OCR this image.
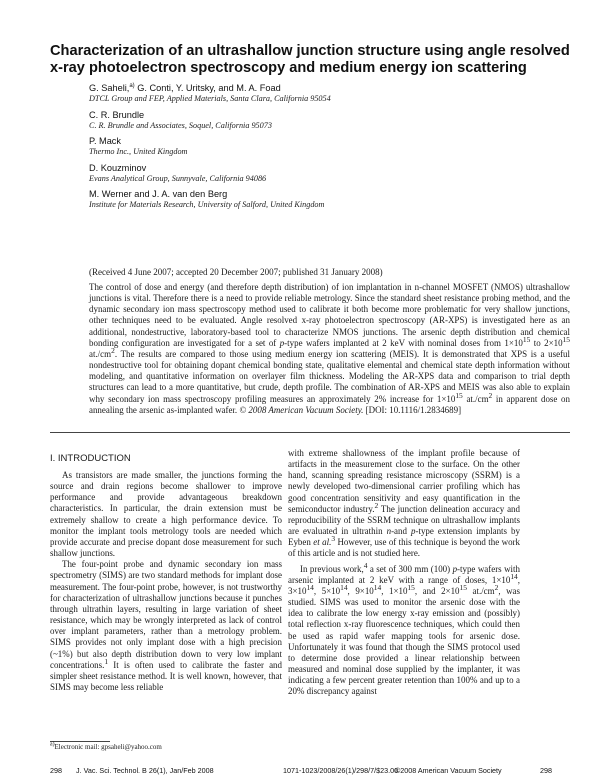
Characterization of an ultrashallow junction structure using angle resolved x-ray photoelectron spectroscopy and medium energy ion scattering
G. Saheli,$^{a)}$ G. Conti, Y. Uritsky, and M. A. Foad
DTCL Group and FEP, Applied Materials, Santa Clara, California 95054
C. R. Brundle
C. R. Brundle and Associates, Soquel, California 95073
P. Mack
Thermo Inc., United Kingdom
D. Kouzminov
Evans Analytical Group, Sunnyvale, California 94086
M. Werner and J. A. van den Berg
Institute for Materials Research, University of Salford, United Kingdom
(Received 4 June 2007; accepted 20 December 2007; published 31 January 2008)
The control of dose and energy (and therefore depth distribution) of ion implantation in n-channel MOSFET (NMOS) ultrashallow junctions is vital. Therefore there is a need to provide reliable metrology. Since the standard sheet resistance probing method, and the dynamic secondary ion mass spectroscopy method used to calibrate it both become more problematic for very shallow junctions, other techniques need to be evaluated. Angle resolved x-ray photoelectron spectroscopy (AR-XPS) is investigated here as an additional, nondestructive, laboratory-based tool to characterize NMOS junctions. The arsenic depth distribution and chemical bonding configuration are investigated for a set of p-type wafers implanted at 2 keV with nominal doses from $1\times 10^{15}$ to $2\times 10^{15}$ $at./cm^2$. The results are compared to those using medium energy ion scattering (MEIS). It is demonstrated that XPS is a useful nondestructive tool for obtaining dopant chemical bonding state, qualitative elemental and chemical state depth information without modeling, and quantitative information on overlayer film thickness. Modeling the AR-XPS data and comparison to trial depth structures can lead to a more quantitative, but crude, depth profile. The combination of AR-XPS and MEIS was also able to explain why secondary ion mass spectroscopy profiling measures an approximately 2% increase for $1\times 10^{15}$ $at./cm^2$ in apparent dose on annealing the arsenic as-implanted wafer. © 2008 American Vacuum Society. [DOI: 10.1116/1.2834689]
I. INTRODUCTION

As transistors are made smaller, the junctions forming the source and drain regions become shallower to improve performance and provide advantageous breakdown characteristics. In particular, the drain extension must be extremely shallow to create a high performance device. To monitor the implant tools metrology tools are needed which provide accurate and precise dopant dose measurement for such shallow junctions.

The four-point probe and dynamic secondary ion mass spectrometry (SIMS) are two standard methods for implant dose measurement. The four-point probe, however, is not trustworthy for characterization of ultrashallow junctions because it punches through ultrathin layers, resulting in large variation of sheet resistance, which may be wrongly interpreted as lack of control over implant parameters, rather than a metrology problem. SIMS provides not only implant dose with a high precision (~1%) but also depth distribution down to very low implant concentrations.$^1$ It is often used to calibrate the faster and simpler sheet resistance method. It is well known, however, that SIMS may become less reliable

with extreme shallowness of the implant profile because of artifacts in the measurement close to the surface. On the other hand, scanning spreading resistance microscopy (SSRM) is a newly developed two-dimensional carrier profiling which has good concentration sensitivity and easy quantification in the semiconductor industry.$^2$ The junction delineation accuracy and reproducibility of the SSRM technique on ultrashallow implants are evaluated in ultrathin n-and p-type extension implants by Eyben et al.$^3$ However, use of this technique is beyond the work of this article and is not studied here.

In previous work,$^4$ a set of 300 mm (100) p-type wafers with arsenic implanted at 2 keV with a range of doses, $1\times 10^{14}$, $3\times 10^{14}$, $5\times 10^{14}$, $9\times 10^{14}$, $1\times 10^{15}$, and $2\times 10^{15}$ $at./cm^2$, was studied. SIMS was used to monitor the arsenic dose with the idea to calibrate the low energy x-ray emission and (possibly) total reflection x-ray fluorescence techniques, which could then be used as rapid wafer mapping tools for arsenic dose. Unfortunately it was found that though the SIMS protocol used to determine dose provided a linear relationship between measured and nominal dose supplied by the implanter, it was indicating a few percent greater retention than 100% and up to a 20% discrepancy against

$^{a)}$Electronic mail: gpsaheli@yahoo.com
298 J. Vac. Sci. Technol. B 26(1), Jan/Feb 2008	1071-1023/2008/26(1)/298/7/$23.00
©2008 American Vacuum Society	298
